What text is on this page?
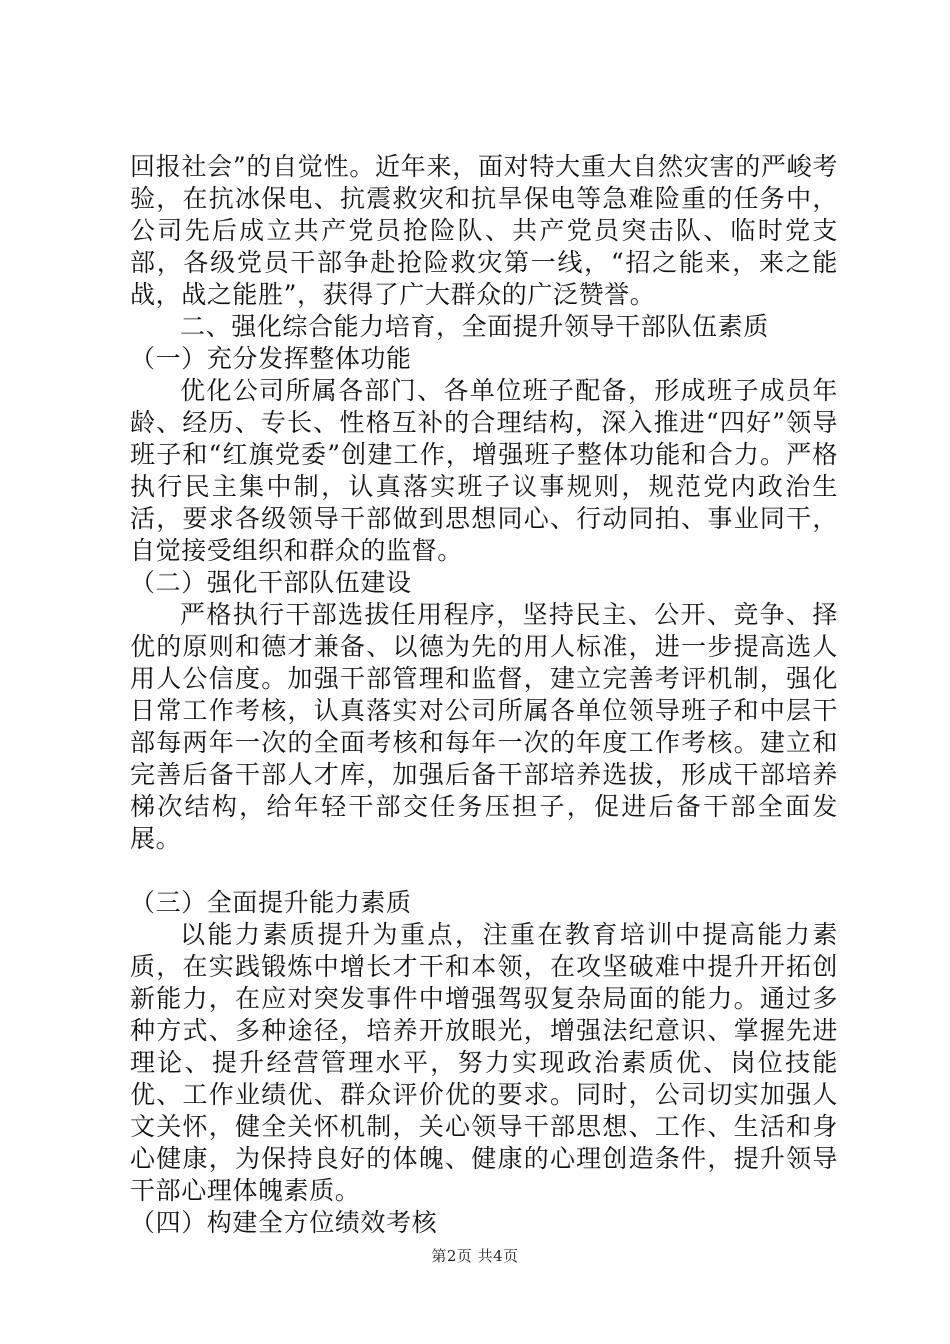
回报社会”的自觉性。近年来，面对特大重大自然灾害的严峻考验，在抗冰保电、抗震救灾和抗旱保电等急难险重的任务中，公司先后成立共产党员抢险队、共产党员突击队、临时党支部，各级党员干部争赴抢险救灾第一线，“招之能来，来之能战，战之能胜”，获得了广大群众的广泛赞誉。

二、强化综合能力培育，全面提升领导干部队伍素质

（一）充分发挥整体功能

优化公司所属各部门、各单位班子配备，形成班子成员年龄、经历、专长、性格互补的合理结构，深入推进“四好”领导班子和“红旗党委”创建工作，增强班子整体功能和合力。严格执行民主集中制，认真落实班子议事规则，规范党内政治生活，要求各级领导干部做到思想同心、行动同拍、事业同干，自觉接受组织和群众的监督。

（二）强化干部队伍建设

严格执行干部选拔任用程序，坚持民主、公开、竞争、择优的原则和德才兼备、以德为先的用人标准，进一步提高选人用人公信度。加强干部管理和监督，建立完善考评机制，强化日常工作考核，认真落实对公司所属各单位领导班子和中层干部每两年一次的全面考核和每年一次的年度工作考核。建立和完善后备干部人才库，加强后备干部培养选拔，形成干部培养梯次结构，给年轻干部交任务压担子，促进后备干部全面发展。

（三）全面提升能力素质

以能力素质提升为重点，注重在教育培训中提高能力素质，在实践锻炼中增长才干和本领，在攻坚破难中提升开拓创新能力，在应对突发事件中增强驾驭复杂局面的能力。通过多种方式、多种途径，培养开放眼光，增强法纪意识、掌握先进理论、提升经营管理水平，努力实现政治素质优、岗位技能优、工作业绩优、群众评价优的要求。同时，公司切实加强人文关怀，健全关怀机制，关心领导干部思想、工作、生活和身心健康，为保持良好的体魄、健康的心理创造条件，提升领导干部心理体魄素质。

（四）构建全方位绩效考核

第2页 共4页
